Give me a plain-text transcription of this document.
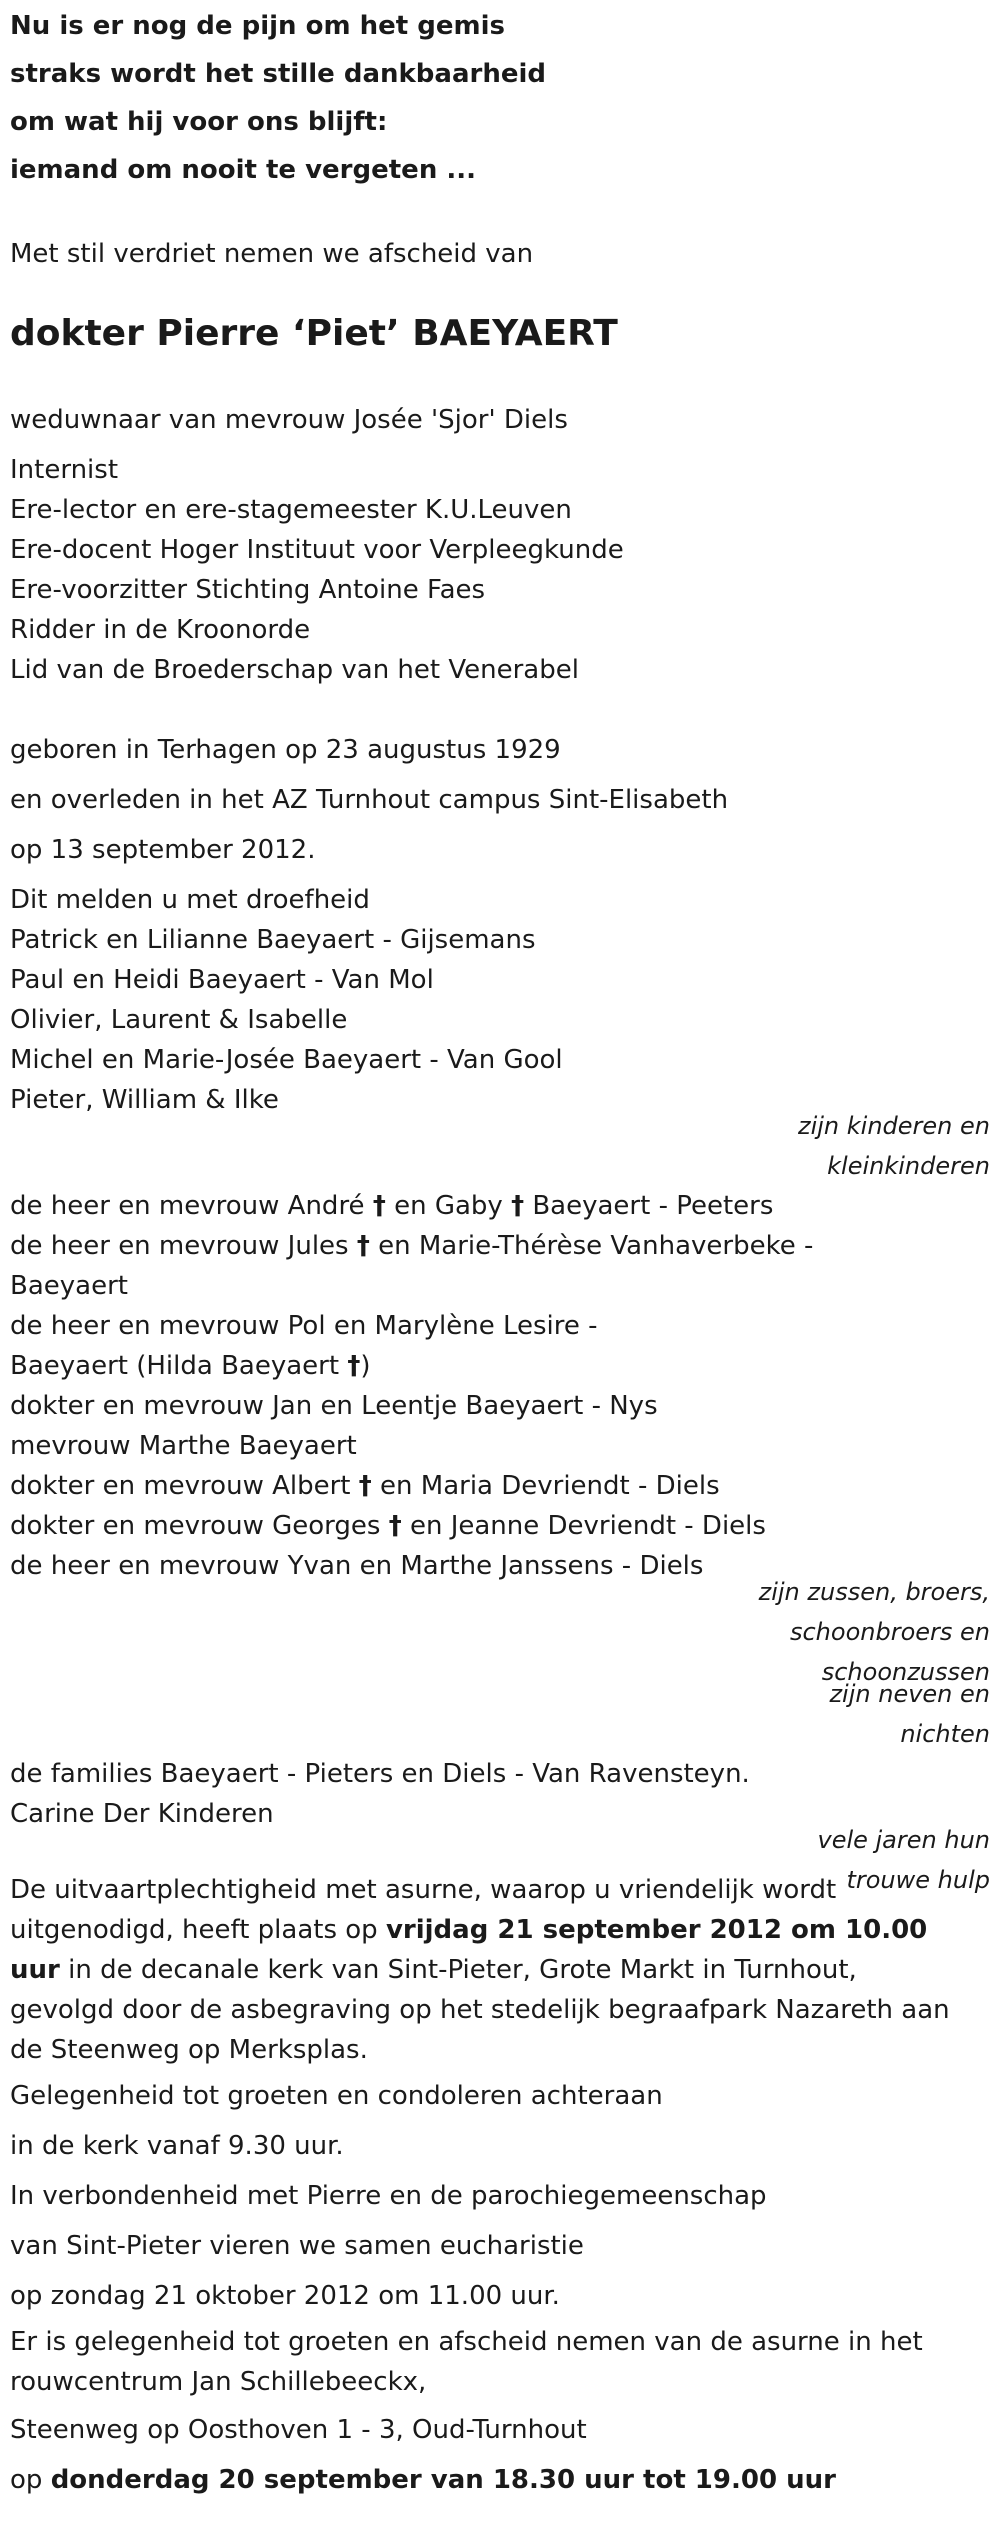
Nu is er nog de pijn om het gemis
straks wordt het stille dankbaarheid
om wat hij voor ons blijft:
iemand om nooit te vergeten ...
Met stil verdriet nemen we afscheid van
dokter Pierre ‘Piet’ BAEYAERT
weduwnaar van mevrouw Josée 'Sjor' Diels
Internist
Ere-lector en ere-stagemeester K.U.Leuven
Ere-docent Hoger Instituut voor Verpleegkunde
Ere-voorzitter Stichting Antoine Faes
Ridder in de Kroonorde
Lid van de Broederschap van het Venerabel
geboren in Terhagen op 23 augustus 1929
en overleden in het AZ Turnhout campus Sint-Elisabeth
op 13 september 2012.
Dit melden u met droefheid
Patrick en Lilianne Baeyaert - Gijsemans
Paul en Heidi Baeyaert - Van Mol
Olivier, Laurent & Isabelle
Michel en Marie-Josée Baeyaert - Van Gool
Pieter, William & Ilke
zijn kinderen en
kleinkinderen
de heer en mevrouw André † en Gaby † Baeyaert - Peeters
de heer en mevrouw Jules † en Marie-Thérèse Vanhaverbeke -
Baeyaert
de heer en mevrouw Pol en Marylène Lesire -
Baeyaert (Hilda Baeyaert †)
dokter en mevrouw Jan en Leentje Baeyaert - Nys
mevrouw Marthe Baeyaert
dokter en mevrouw Albert † en Maria Devriendt - Diels
dokter en mevrouw Georges † en Jeanne Devriendt - Diels
de heer en mevrouw Yvan en Marthe Janssens - Diels
zijn zussen, broers,
schoonbroers en
schoonzussen
zijn neven en
nichten
de families Baeyaert - Pieters en Diels - Van Ravensteyn.
Carine Der Kinderen
vele jaren hun
trouwe hulp
De uitvaartplechtigheid met asurne, waarop u vriendelijk wordt uitgenodigd, heeft plaats op vrijdag 21 september 2012 om 10.00 uur in de decanale kerk van Sint-Pieter, Grote Markt in Turnhout, gevolgd door de asbegraving op het stedelijk begraafpark Nazareth aan de Steenweg op Merksplas.
Gelegenheid tot groeten en condoleren achteraan
in de kerk vanaf 9.30 uur.
In verbondenheid met Pierre en de parochiegemeenschap
van Sint-Pieter vieren we samen eucharistie
op zondag 21 oktober 2012 om 11.00 uur.
Er is gelegenheid tot groeten en afscheid nemen van de asurne in het rouwcentrum Jan Schillebeeckx,
Steenweg op Oosthoven 1 - 3, Oud-Turnhout
op donderdag 20 september van 18.30 uur tot 19.00 uur
